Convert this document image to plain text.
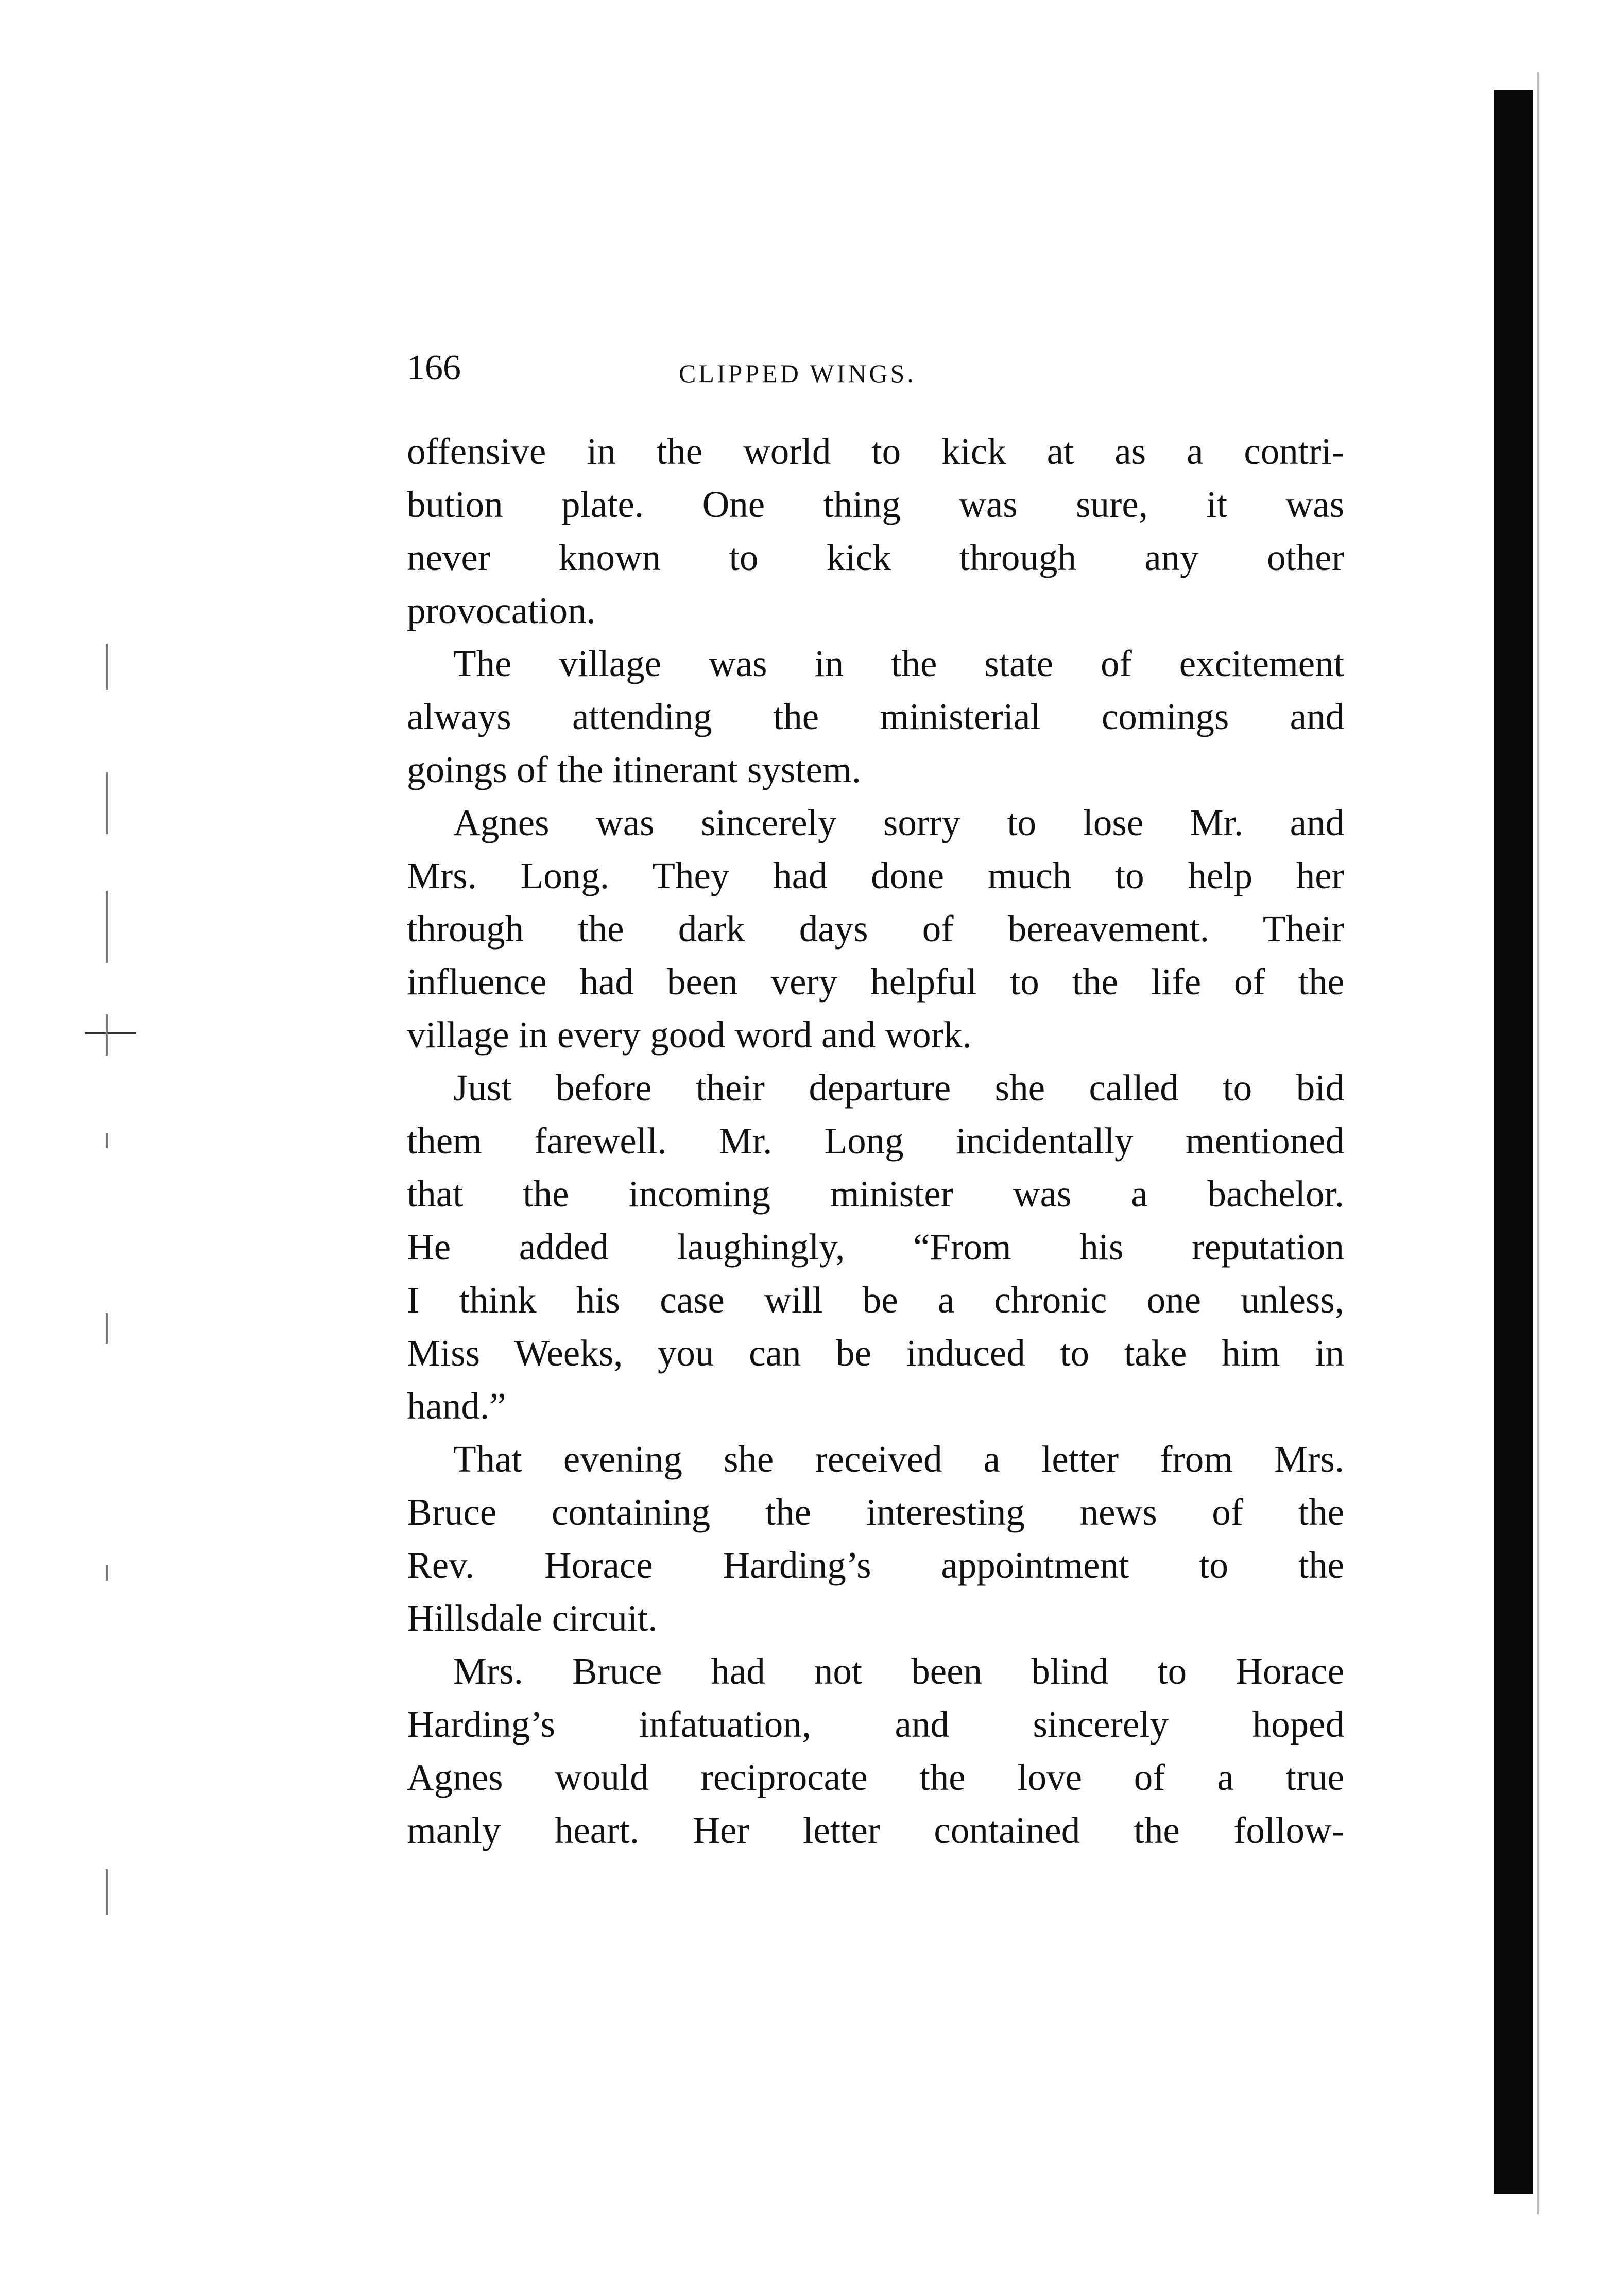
166	CLIPPED WINGS.
offensive in the world to kick at as a contri-
bution plate. One thing was sure, it was
never known to kick through any other
provocation.
The village was in the state of excitement
always attending the ministerial comings and
goings of the itinerant system.
Agnes was sincerely sorry to lose Mr. and
Mrs. Long. They had done much to help her
through the dark days of bereavement. Their
influence had been very helpful to the life of the
village in every good word and work.
Just before their departure she called to bid
them farewell. Mr. Long incidentally mentioned
that the incoming minister was a bachelor.
He added laughingly, “From his reputation
I think his case will be a chronic one unless,
Miss Weeks, you can be induced to take him in
hand.”
That evening she received a letter from Mrs.
Bruce containing the interesting news of the
Rev. Horace Harding’s appointment to the
Hillsdale circuit.
Mrs. Bruce had not been blind to Horace
Harding’s infatuation, and sincerely hoped
Agnes would reciprocate the love of a true
manly heart. Her letter contained the follow-
